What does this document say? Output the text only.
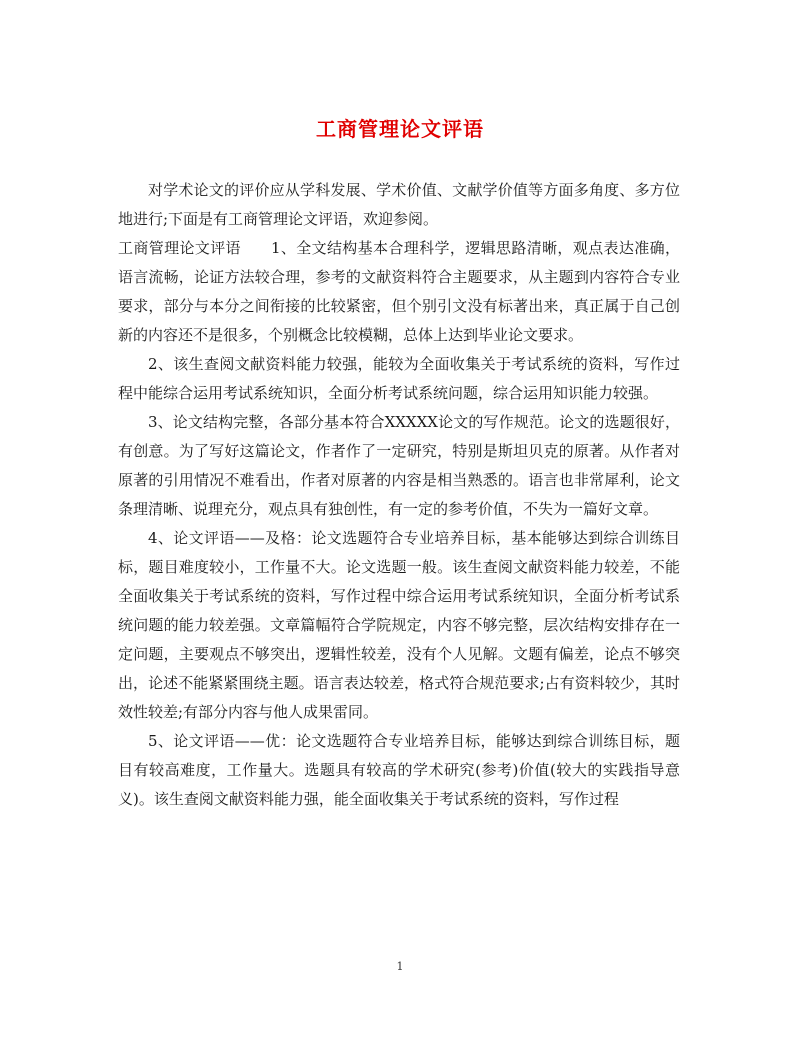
工商管理论文评语

对学术论文的评价应从学科发展、学术价值、文献学价值等方面多角度、多方位地进行;下面是有工商管理论文评语，欢迎参阅。

工商管理论文评语 1、全文结构基本合理科学，逻辑思路清晰，观点表达准确，语言流畅，论证方法较合理，参考的文献资料符合主题要求，从主题到内容符合专业要求，部分与本分之间衔接的比较紧密，但个别引文没有标著出来，真正属于自己创新的内容还不是很多，个别概念比较模糊，总体上达到毕业论文要求。

2、该生查阅文献资料能力较强，能较为全面收集关于考试系统的资料，写作过程中能综合运用考试系统知识，全面分析考试系统问题，综合运用知识能力较强。

3、论文结构完整，各部分基本符合XXXXX论文的写作规范。论文的选题很好，有创意。为了写好这篇论文，作者作了一定研究，特别是斯坦贝克的原著。从作者对原著的引用情况不难看出，作者对原著的内容是相当熟悉的。语言也非常犀利，论文条理清晰、说理充分，观点具有独创性，有一定的参考价值，不失为一篇好文章。

4、论文评语——及格：论文选题符合专业培养目标，基本能够达到综合训练目标，题目难度较小，工作量不大。论文选题一般。该生查阅文献资料能力较差，不能全面收集关于考试系统的资料，写作过程中综合运用考试系统知识，全面分析考试系统问题的能力较差强。文章篇幅符合学院规定，内容不够完整，层次结构安排存在一定问题，主要观点不够突出，逻辑性较差，没有个人见解。文题有偏差，论点不够突出，论述不能紧紧围绕主题。语言表达较差，格式符合规范要求;占有资料较少，其时效性较差;有部分内容与他人成果雷同。

5、论文评语——优：论文选题符合专业培养目标，能够达到综合训练目标，题目有较高难度，工作量大。选题具有较高的学术研究(参考)价值(较大的实践指导意义)。该生查阅文献资料能力强，能全面收集关于考试系统的资料，写作过程

1
